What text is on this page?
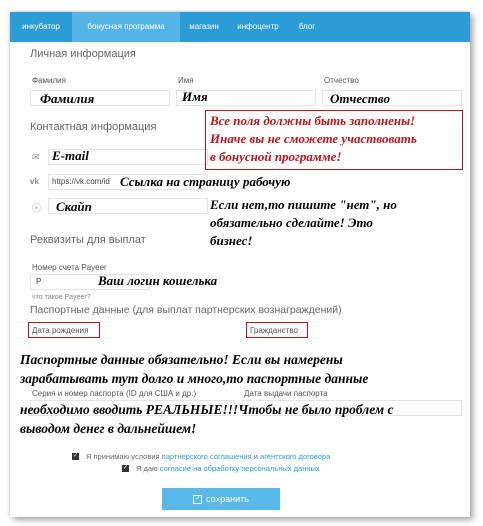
инкубатор	бонусная программа	магазин	инфоцентр	блог
Личная информация
Фамилия	Имя	Отчество
Фамилия	Имя	Отчество
Контактная информация
✉ E-mail
vk	https://vk.com/id Ссылка на страницу рабочую
ⓢ Скайп	Если нет,то пишите "нет", но
обязательно сделайте! Это
бизнес!
Все поля должны быть заполнены!
Иначе вы не сможете участвовать
в бонусной программе!
Реквизиты для выплат
Номер счета Payeer
P	Ваш логин кошелька
что такое Payeer?
Паспортные данные (для выплат партнерских вознаграждений)
Дата рождения	Гражданство
Паспортные данные обязательно! Если вы намерены
зарабатывать тут долго и много,то паспортные данные
Серия и номер паспорта (ID для США и др.)	Дата выдачи паспорта
необходимо вводить РЕАЛЬНЫЕ!!!Чтобы не было проблем с
выводом денег в дальнейшем!
✓ Я принимаю условия партнерского соглашения и агентского договора
✓ Я даю согласие на обработку персональных данных
✓ сохранить
